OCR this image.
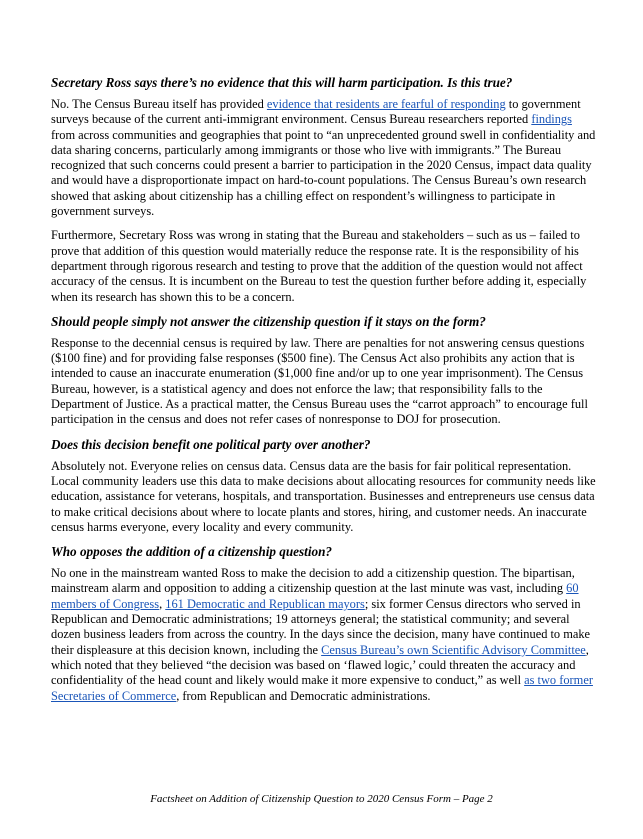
Secretary Ross says there’s no evidence that this will harm participation. Is this true?

No. The Census Bureau itself has provided evidence that residents are fearful of responding to government surveys because of the current anti-immigrant environment. Census Bureau researchers reported findings from across communities and geographies that point to “an unprecedented ground swell in confidentiality and data sharing concerns, particularly among immigrants or those who live with immigrants.” The Bureau recognized that such concerns could present a barrier to participation in the 2020 Census, impact data quality and would have a disproportionate impact on hard-to-count populations. The Census Bureau’s own research showed that asking about citizenship has a chilling effect on respondent’s willingness to participate in government surveys.

Furthermore, Secretary Ross was wrong in stating that the Bureau and stakeholders – such as us – failed to prove that addition of this question would materially reduce the response rate. It is the responsibility of his department through rigorous research and testing to prove that the addition of the question would not affect accuracy of the census. It is incumbent on the Bureau to test the question further before adding it, especially when its research has shown this to be a concern.

Should people simply not answer the citizenship question if it stays on the form?

Response to the decennial census is required by law. There are penalties for not answering census questions ($100 fine) and for providing false responses ($500 fine). The Census Act also prohibits any action that is intended to cause an inaccurate enumeration ($1,000 fine and/or up to one year imprisonment). The Census Bureau, however, is a statistical agency and does not enforce the law; that responsibility falls to the Department of Justice. As a practical matter, the Census Bureau uses the “carrot approach” to encourage full participation in the census and does not refer cases of nonresponse to DOJ for prosecution.

Does this decision benefit one political party over another?

Absolutely not. Everyone relies on census data. Census data are the basis for fair political representation. Local community leaders use this data to make decisions about allocating resources for community needs like education, assistance for veterans, hospitals, and transportation. Businesses and entrepreneurs use census data to make critical decisions about where to locate plants and stores, hiring, and customer needs. An inaccurate census harms everyone, every locality and every community.

Who opposes the addition of a citizenship question?

No one in the mainstream wanted Ross to make the decision to add a citizenship question. The bipartisan, mainstream alarm and opposition to adding a citizenship question at the last minute was vast, including 60 members of Congress, 161 Democratic and Republican mayors; six former Census directors who served in Republican and Democratic administrations; 19 attorneys general; the statistical community; and several dozen business leaders from across the country. In the days since the decision, many have continued to make their displeasure at this decision known, including the Census Bureau’s own Scientific Advisory Committee, which noted that they believed “the decision was based on ‘flawed logic,’ could threaten the accuracy and confidentiality of the head count and likely would make it more expensive to conduct,” as well as two former Secretaries of Commerce, from Republican and Democratic administrations.

Factsheet on Addition of Citizenship Question to 2020 Census Form – Page 2
